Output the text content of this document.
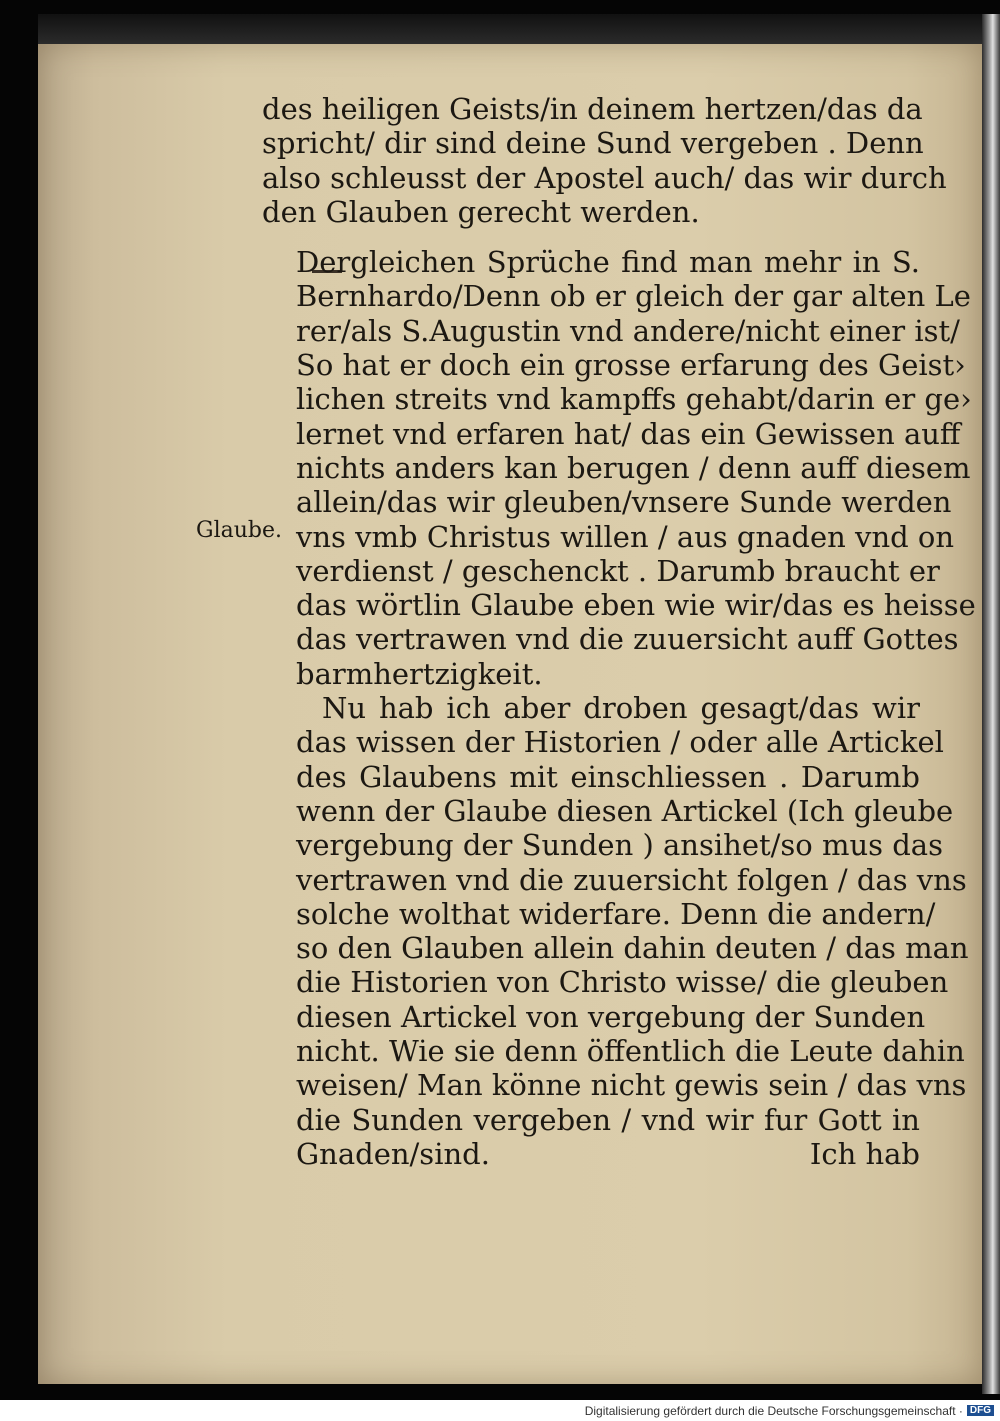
Glaube.
des heiligen Geists/in deinem hertzen/das da
spricht/ dir sind deine Sund vergeben . Denn
also schleusst der Apostel auch/ das wir durch
den Glauben gerecht werden.
Dergleichen Sprüche find man mehr in S.
Bernhardo/Denn ob er gleich der gar alten Le
rer/als S.Augustin vnd andere/nicht einer ist/
So hat er doch ein grosse erfarung des Geist›
lichen streits vnd kampffs gehabt/darin er ge›
lernet vnd erfaren hat/ das ein Gewissen auff
nichts anders kan berugen / denn auff diesem
allein/das wir gleuben/vnsere Sunde werden
vns vmb Christus willen / aus gnaden vnd on
verdienst / geschenckt . Darumb braucht er
das wörtlin Glaube eben wie wir/das es heisse
das vertrawen vnd die zuuersicht auff Gottes
barmhertzigkeit.
Nu hab ich aber droben gesagt/das wir
das wissen der Historien / oder alle Artickel
des Glaubens mit einschliessen . Darumb
wenn der Glaube diesen Artickel (Ich gleube
vergebung der Sunden ) ansihet/so mus das
vertrawen vnd die zuuersicht folgen / das vns
solche wolthat widerfare. Denn die andern/
so den Glauben allein dahin deuten / das man
die Historien von Christo wisse/ die gleuben
diesen Artickel von vergebung der Sunden
nicht. Wie sie denn öffentlich die Leute dahin
weisen/ Man könne nicht gewis sein / das vns
die Sunden vergeben / vnd wir fur Gott in
Gnaden/sind.	Ich hab
Digitalisierung gefördert durch die Deutsche Forschungsgemeinschaft · DFG
